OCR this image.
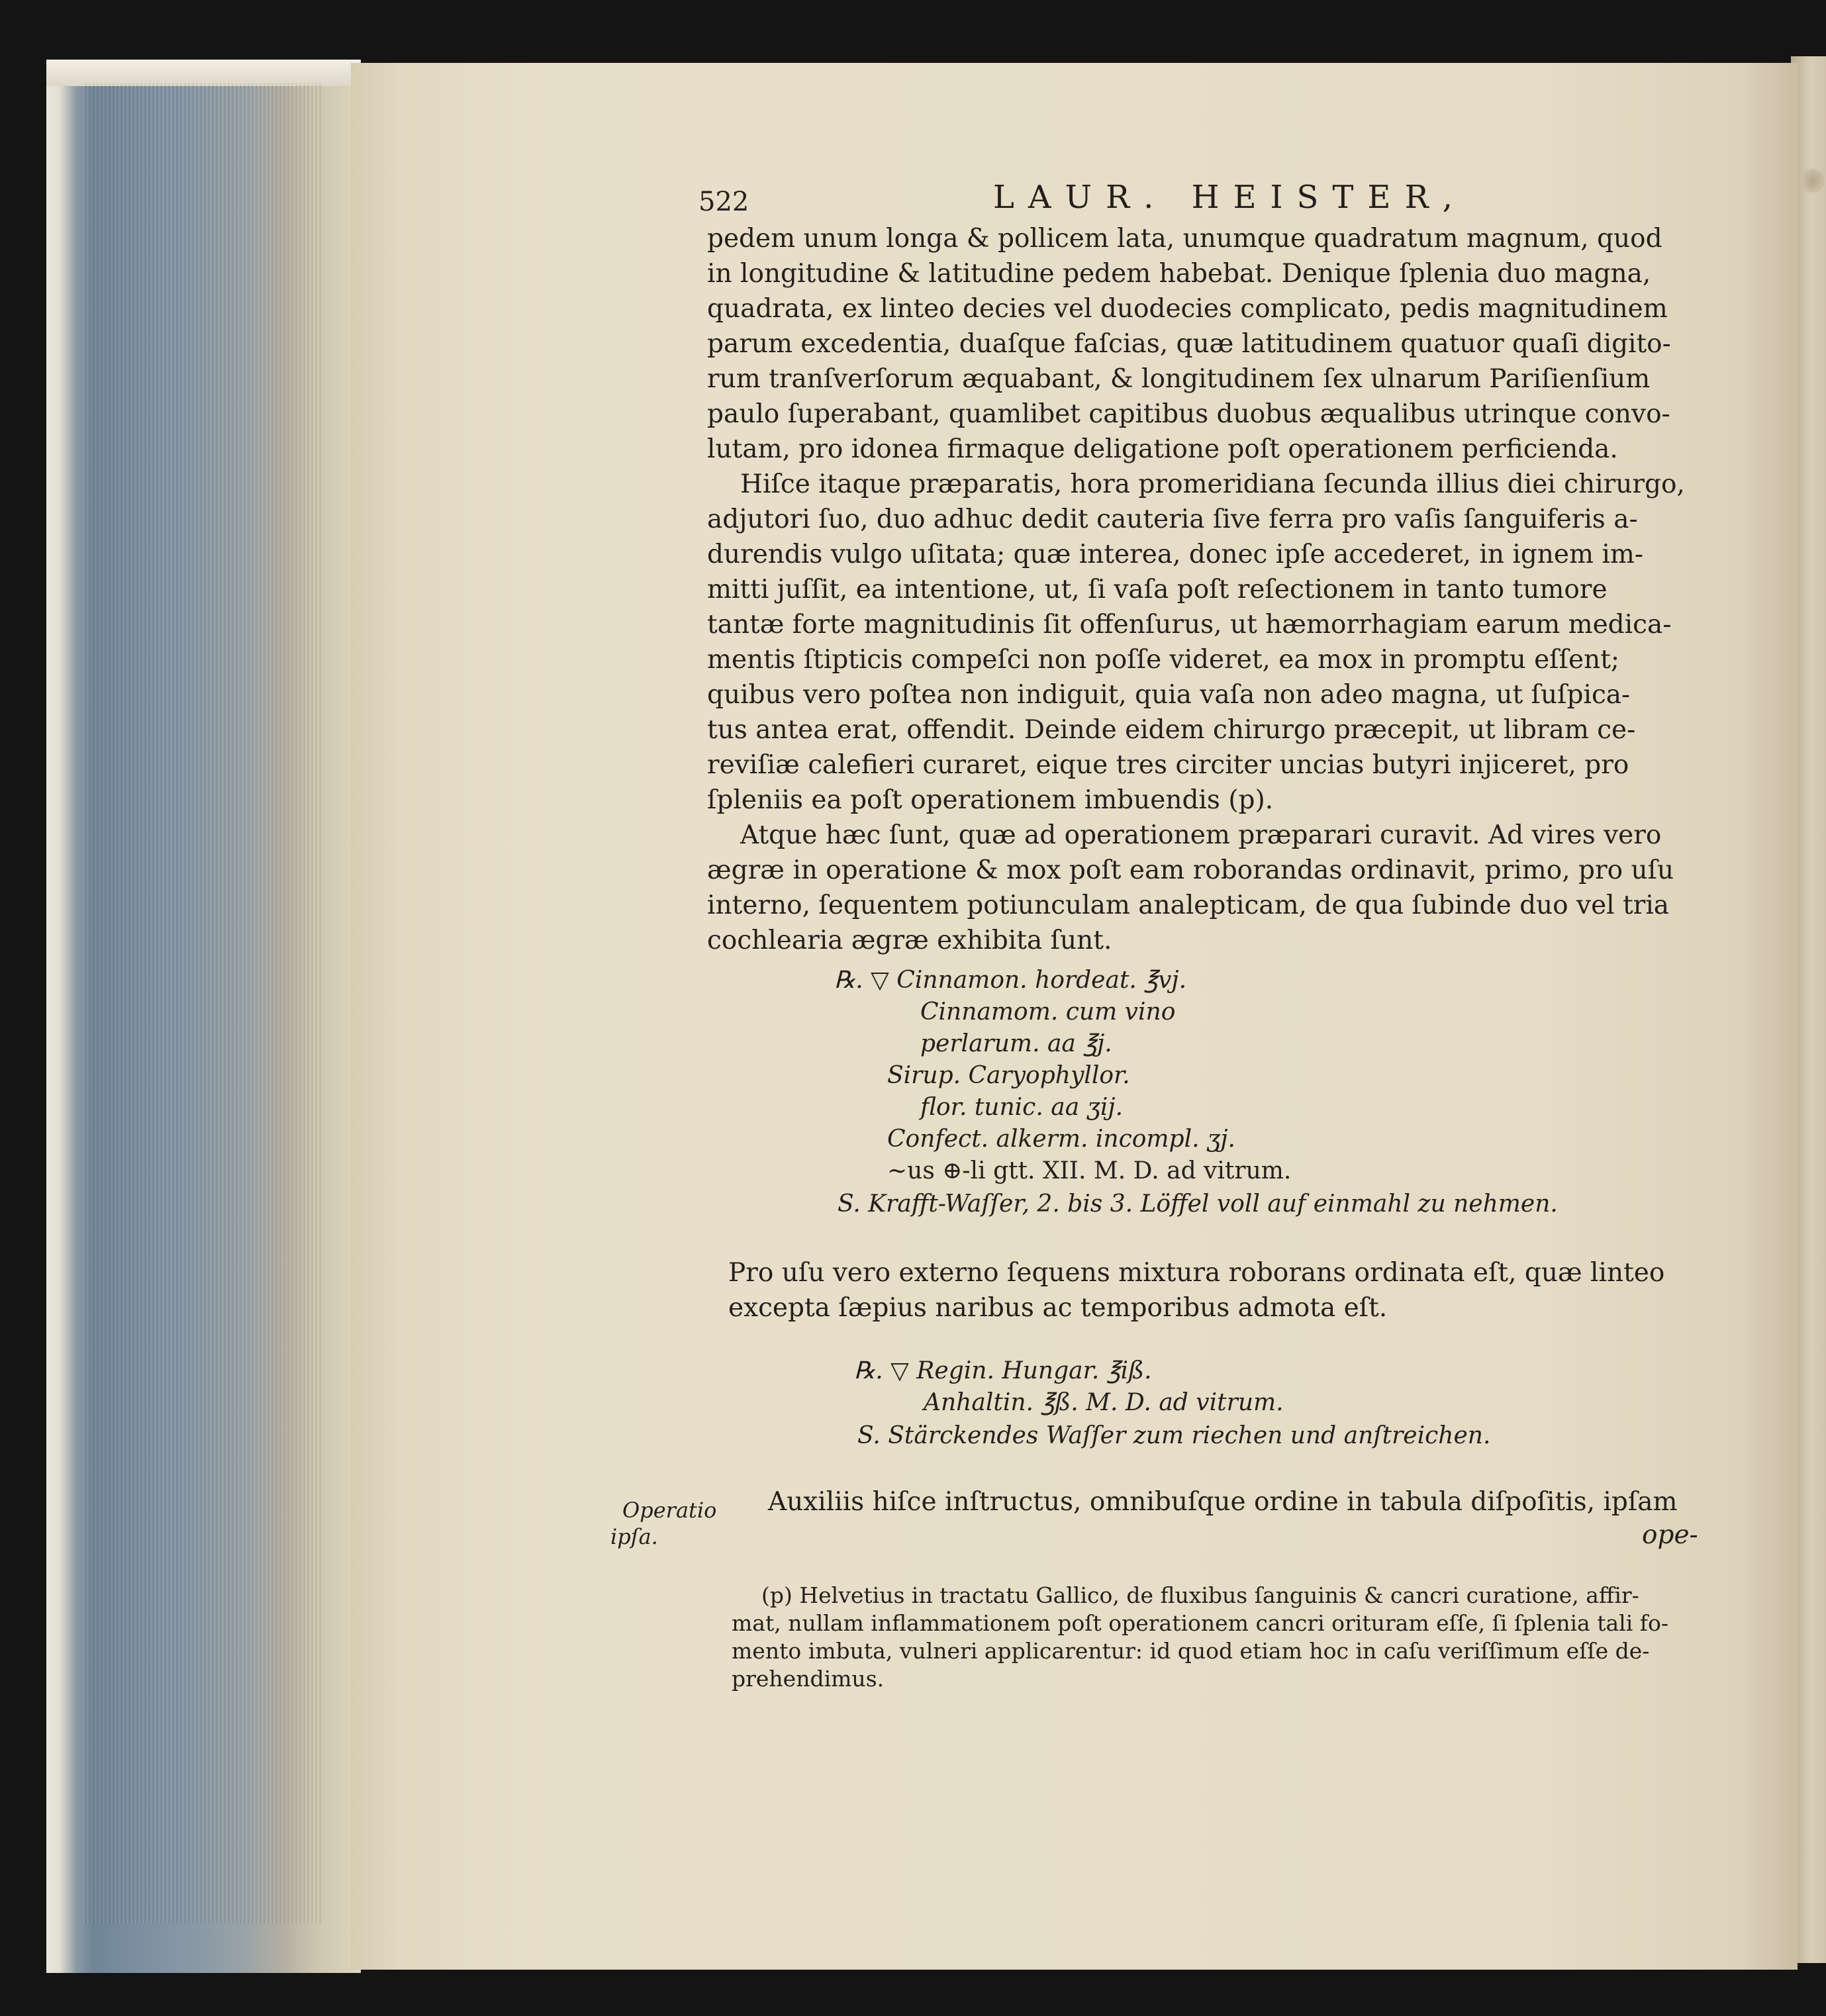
522	LAUR. HEISTER,
pedem unum longa & pollicem lata, unumque quadratum magnum, quod
in longitudine & latitudine pedem habebat. Denique ſplenia duo magna,
quadrata, ex linteo decies vel duodecies complicato, pedis magnitudinem
parum excedentia, duaſque faſcias, quæ latitudinem quatuor quaſi digito-
rum tranſverſorum æquabant, & longitudinem ſex ulnarum Pariſienſium
paulo ſuperabant, quamlibet capitibus duobus æqualibus utrinque convo-
lutam, pro idonea firmaque deligatione poſt operationem perficienda.
Hiſce itaque præparatis, hora promeridiana ſecunda illius diei chirurgo,
adjutori ſuo, duo adhuc dedit cauteria ſive ferra pro vaſis ſanguiferis a-
durendis vulgo uſitata; quæ interea, donec ipſe accederet, in ignem im-
mitti juſſit, ea intentione, ut, ſi vaſa poſt reſectionem in tanto tumore
tantæ forte magnitudinis ſit offenſurus, ut hæmorrhagiam earum medica-
mentis ſtipticis compeſci non poſſe videret, ea mox in promptu eſſent;
quibus vero poſtea non indiguit, quia vaſa non adeo magna, ut ſuſpica-
tus antea erat, offendit. Deinde eidem chirurgo præcepit, ut libram ce-
reviſiæ calefieri curaret, eique tres circiter uncias butyri injiceret, pro
ſpleniis ea poſt operationem imbuendis (p).
Atque hæc ſunt, quæ ad operationem præparari curavit. Ad vires vero
ægræ in operatione & mox poſt eam roborandas ordinavit, primo, pro uſu
interno, ſequentem potiunculam analepticam, de qua ſubinde duo vel tria
cochlearia ægræ exhibita ſunt.
℞. ▽ Cinnamon. hordeat. ℥vj.
Cinnamom. cum vino
perlarum. aa ℥j.
Sirup. Caryophyllor.
flor. tunic. aa ʒij.
Confect. alkerm. incompl. ʒj.
~us ⊕-li gtt. XII. M. D. ad vitrum.
S. Krafft-Waſſer, 2. bis 3. Löffel voll auf einmahl zu nehmen.
Pro uſu vero externo ſequens mixtura roborans ordinata eſt, quæ linteo
excepta ſæpius naribus ac temporibus admota eſt.
℞. ▽ Regin. Hungar. ℥iß.
Anhaltin. ℥ß. M. D. ad vitrum.
S. Stärckendes Waſſer zum riechen und anſtreichen.
Operatio
ipſa.
Auxiliis hiſce inſtructus, omnibuſque ordine in tabula diſpoſitis, ipſam
ope-
(p) Helvetius in tractatu Gallico, de fluxibus ſanguinis & cancri curatione, affir-
mat, nullam inflammationem poſt operationem cancri orituram eſſe, ſi ſplenia tali fo-
mento imbuta, vulneri applicarentur: id quod etiam hoc in caſu veriſſimum eſſe de-
prehendimus.
